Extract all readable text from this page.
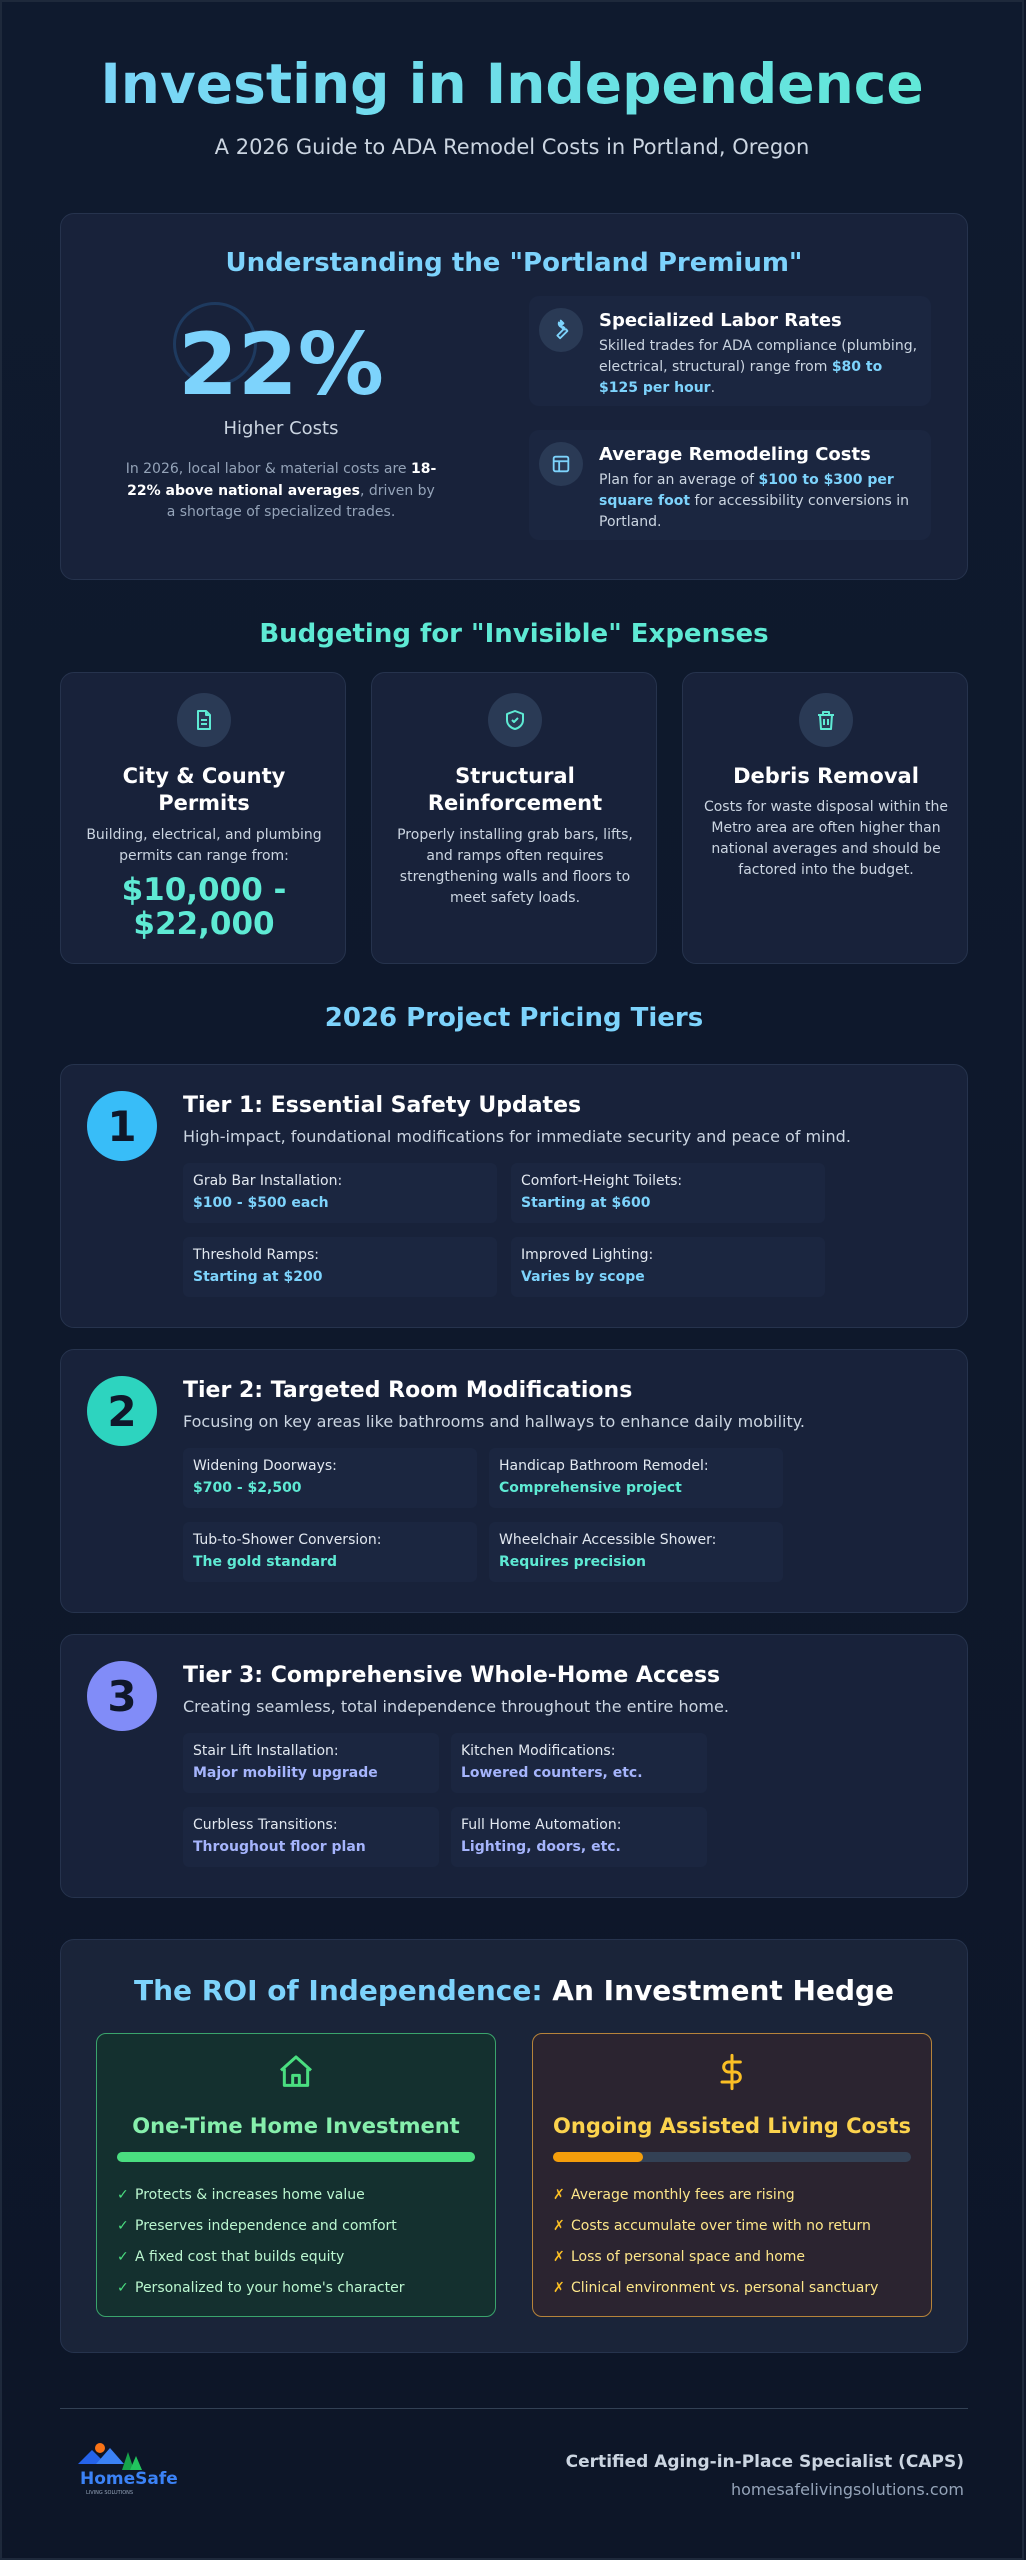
Investing in Independence

A 2026 Guide to ADA Remodel Costs in Portland, Oregon

Understanding the "Portland Premium"
22%
Higher Costs
In 2026, local labor & material costs are 18-22% above national averages, driven by a shortage of specialized trades.
Specialized Labor Rates

Skilled trades for ADA compliance (plumbing, electrical, structural) range from $80 to $125 per hour.

Average Remodeling Costs

Plan for an average of $100 to $300 per square foot for accessibility conversions in Portland.

Budgeting for "Invisible" Expenses
City & County Permits

Building, electrical, and plumbing permits can range from:

$10,000 - $22,000
Structural Reinforcement

Properly installing grab bars, lifts, and ramps often requires strengthening walls and floors to meet safety loads.

Debris Removal

Costs for waste disposal within the Metro area are often higher than national averages and should be factored into the budget.

2026 Project Pricing Tiers
1	Tier 1: Essential Safety Updates
High-impact, foundational modifications for immediate security and peace of mind.
Grab Bar Installation:
$100 - $500 each
Comfort-Height Toilets:
Starting at $600
Threshold Ramps:
Starting at $200
Improved Lighting:
Varies by scope
2	Tier 2: Targeted Room Modifications
Focusing on key areas like bathrooms and hallways to enhance daily mobility.
Widening Doorways:
$700 - $2,500
Handicap Bathroom Remodel:
Comprehensive project
Tub-to-Shower Conversion:
The gold standard
Wheelchair Accessible Shower:
Requires precision
3	Tier 3: Comprehensive Whole-Home Access
Creating seamless, total independence throughout the entire home.
Stair Lift Installation:
Major mobility upgrade
Kitchen Modifications:
Lowered counters, etc.
Curbless Transitions:
Throughout floor plan
Full Home Automation:
Lighting, doors, etc.
The ROI of Independence: An Investment Hedge
One-Time Home Investment
✓ Protects & increases home value
✓ Preserves independence and comfort
✓ A fixed cost that builds equity
✓ Personalized to your home's character
Ongoing Assisted Living Costs
✗ Average monthly fees are rising
✗ Costs accumulate over time with no return
✗ Loss of personal space and home
✗ Clinical environment vs. personal sanctuary
HomeSafe
LIVING SOLUTIONS
Certified Aging-in-Place Specialist (CAPS)
homesafelivingsolutions.com
